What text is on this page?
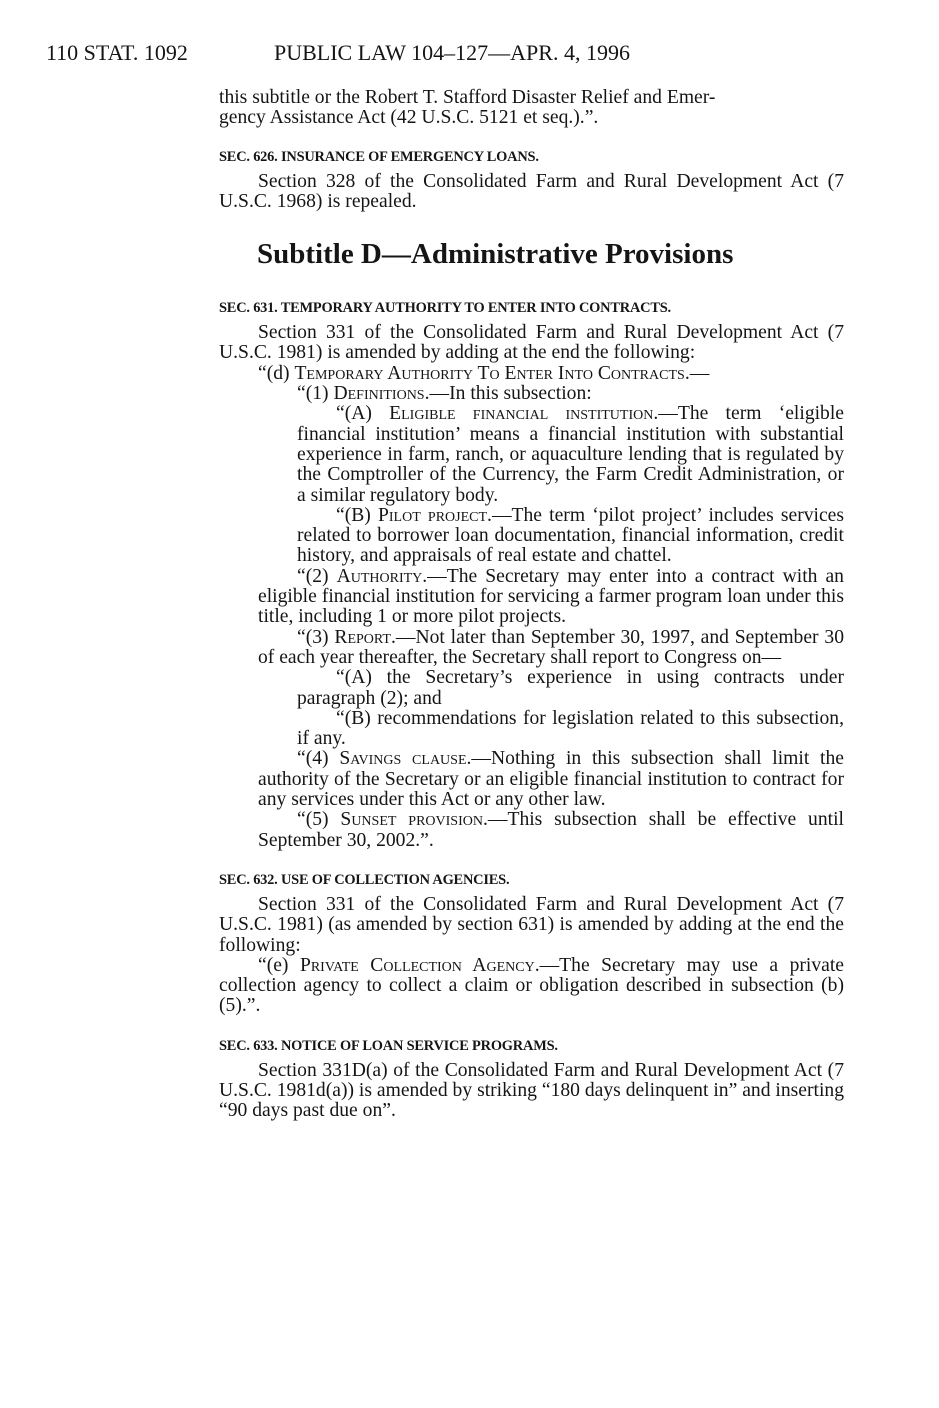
110 STAT. 1092	PUBLIC LAW 104–127—APR. 4, 1996

this subtitle or the Robert T. Stafford Disaster Relief and Emer-
gency Assistance Act (42 U.S.C. 5121 et seq.).”.

SEC. 626. INSURANCE OF EMERGENCY LOANS.

Section 328 of the Consolidated Farm and Rural Development Act (7 U.S.C. 1968) is repealed.

Subtitle D—Administrative Provisions

SEC. 631. TEMPORARY AUTHORITY TO ENTER INTO CONTRACTS.

Section 331 of the Consolidated Farm and Rural Development Act (7 U.S.C. 1981) is amended by adding at the end the following:

“(d) Temporary Authority To Enter Into Contracts.—

“(1) Definitions.—In this subsection:

“(A) Eligible financial institution.—The term ‘eligible financial institution’ means a financial institution with substantial experience in farm, ranch, or aquaculture lending that is regulated by the Comptroller of the Currency, the Farm Credit Administration, or a similar regulatory body.

“(B) Pilot project.—The term ‘pilot project’ includes services related to borrower loan documentation, financial information, credit history, and appraisals of real estate and chattel.

“(2) Authority.—The Secretary may enter into a contract with an eligible financial institution for servicing a farmer program loan under this title, including 1 or more pilot projects.

“(3) Report.—Not later than September 30, 1997, and September 30 of each year thereafter, the Secretary shall report to Congress on—

“(A) the Secretary’s experience in using contracts under paragraph (2); and

“(B) recommendations for legislation related to this subsection, if any.

“(4) Savings clause.—Nothing in this subsection shall limit the authority of the Secretary or an eligible financial institution to contract for any services under this Act or any other law.

“(5) Sunset provision.—This subsection shall be effective until September 30, 2002.”.

SEC. 632. USE OF COLLECTION AGENCIES.

Section 331 of the Consolidated Farm and Rural Development Act (7 U.S.C. 1981) (as amended by section 631) is amended by adding at the end the following:

“(e) Private Collection Agency.—The Secretary may use a private collection agency to collect a claim or obligation described in subsection (b)(5).”.

SEC. 633. NOTICE OF LOAN SERVICE PROGRAMS.

Section 331D(a) of the Consolidated Farm and Rural Development Act (7 U.S.C. 1981d(a)) is amended by striking “180 days delinquent in” and inserting “90 days past due on”.
